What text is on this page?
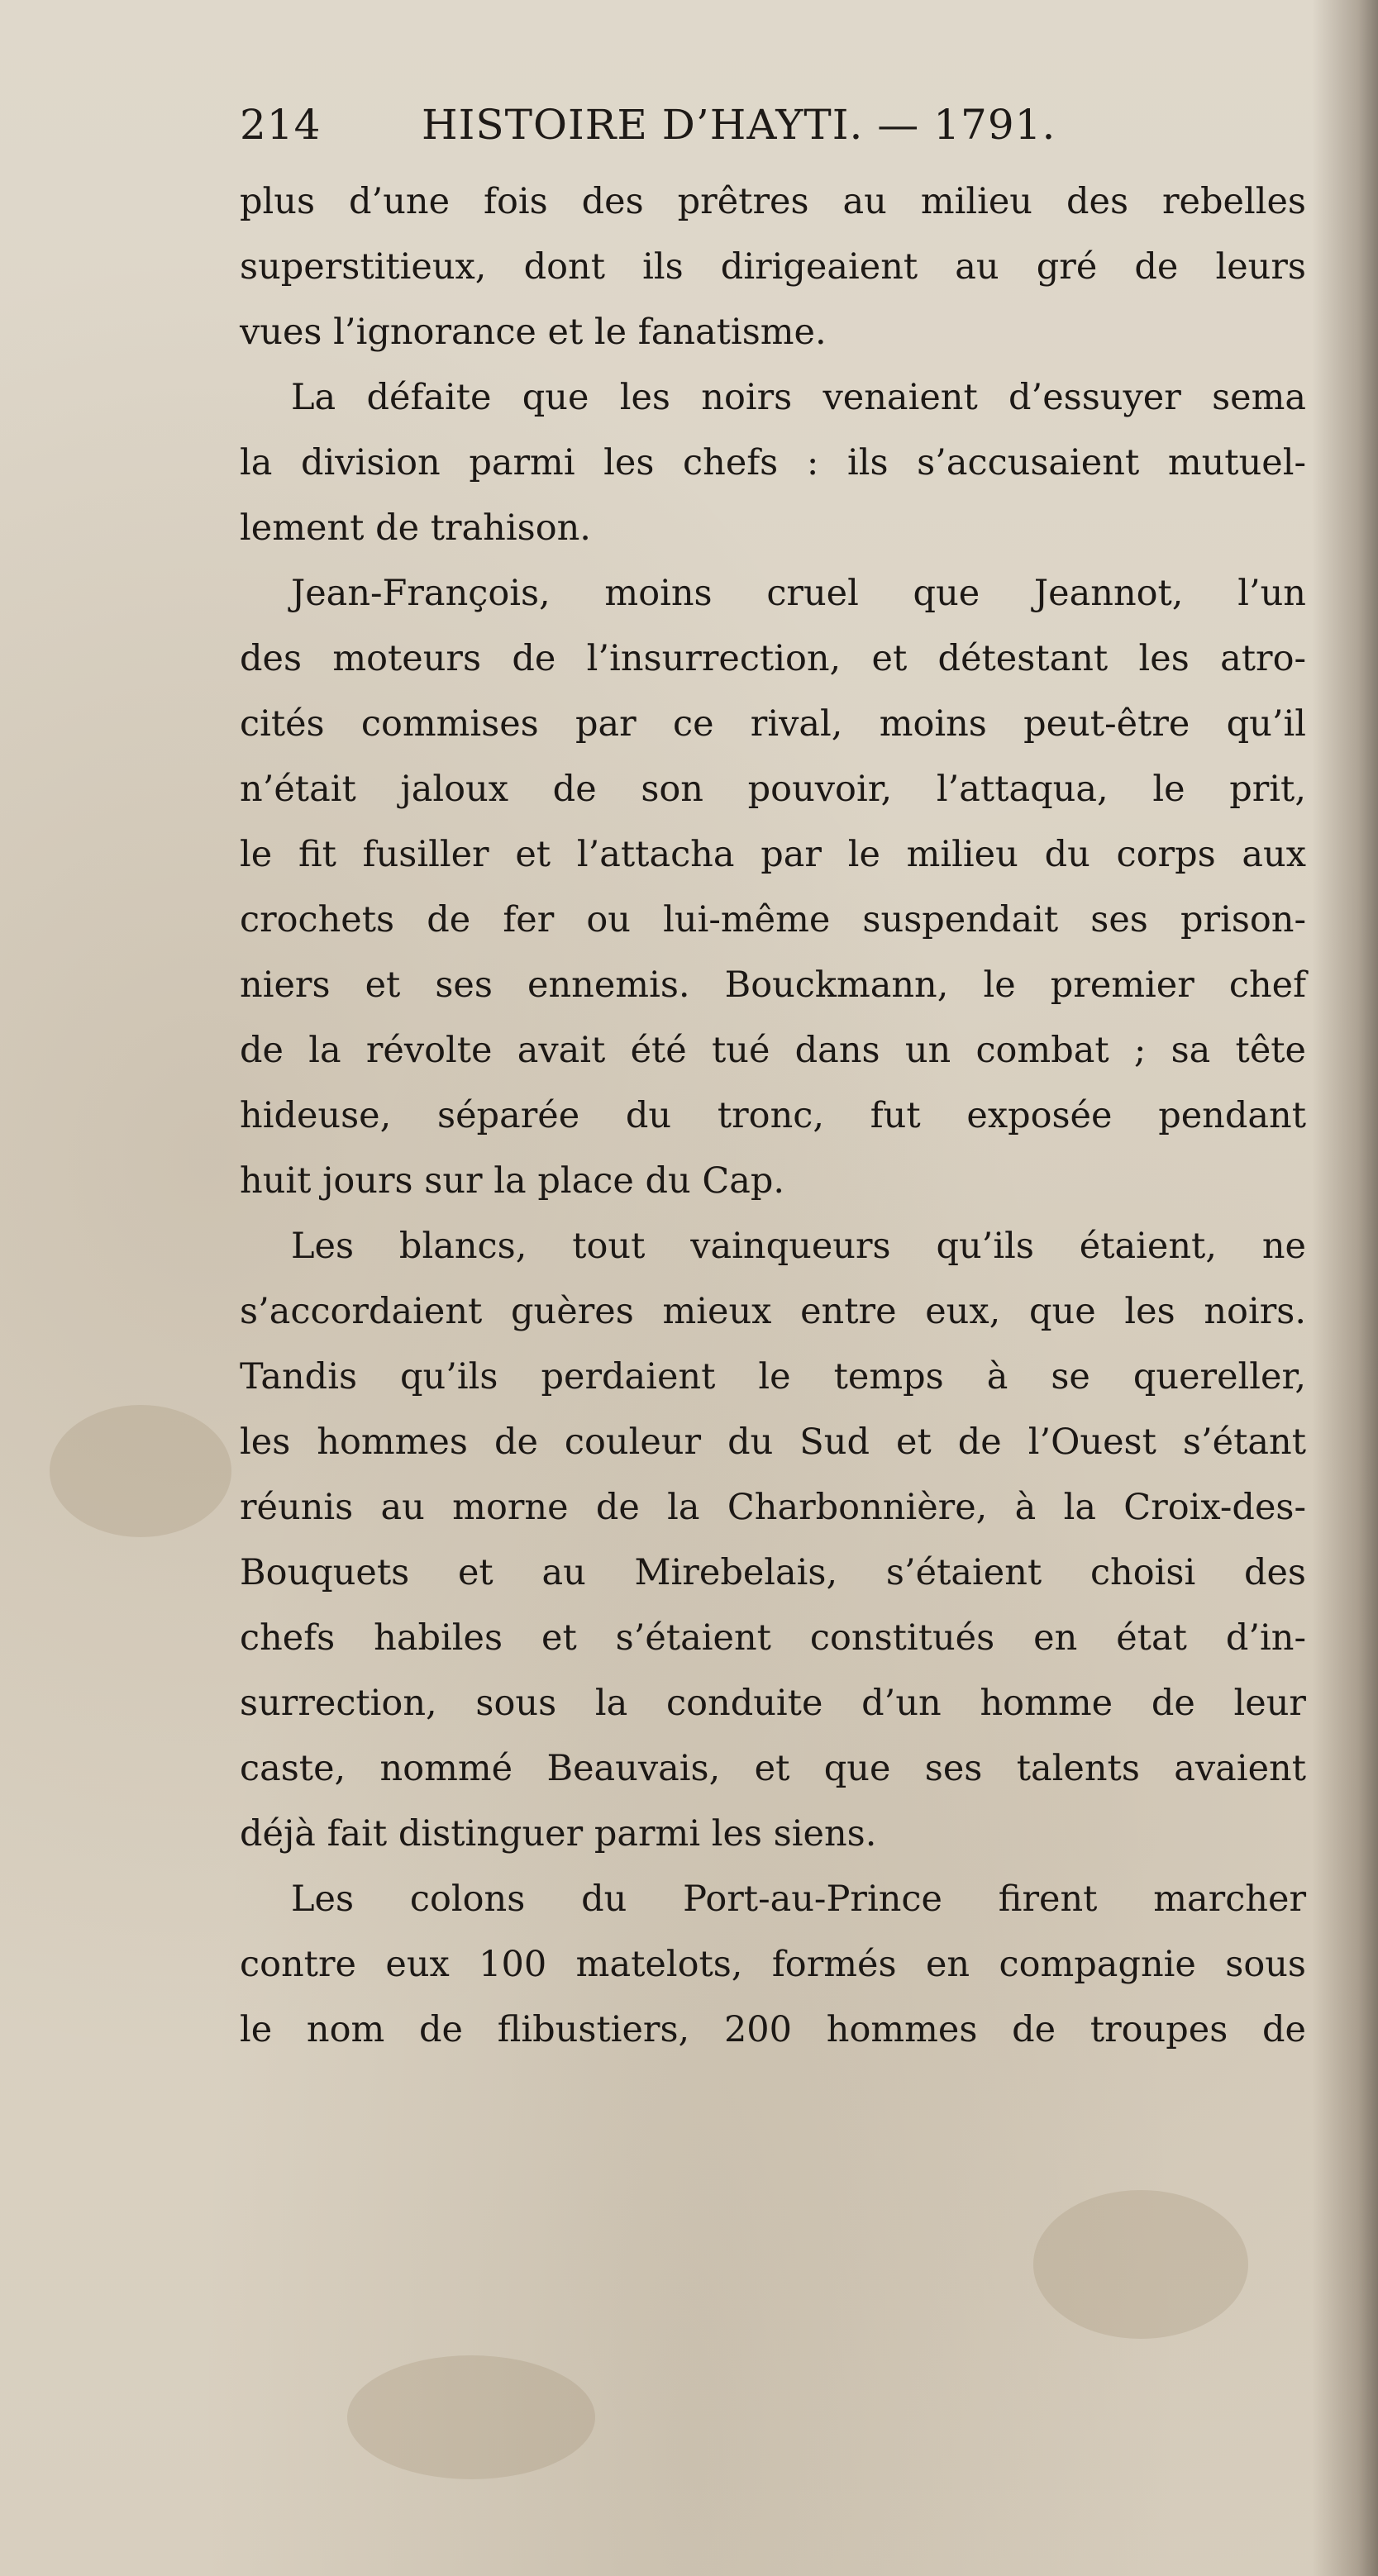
214 HISTOIRE D’HAYTI. — 1791.
plus d’une fois des prêtres au milieu des rebelles
superstitieux, dont ils dirigeaient au gré de leurs
vues l’ignorance et le fanatisme.
La défaite que les noirs venaient d’essuyer sema
la division parmi les chefs : ils s’accusaient mutuel-
lement de trahison.
Jean-François, moins cruel que Jeannot, l’un
des moteurs de l’insurrection, et détestant les atro-
cités commises par ce rival, moins peut-être qu’il
n’était jaloux de son pouvoir, l’attaqua, le prit,
le fit fusiller et l’attacha par le milieu du corps aux
crochets de fer ou lui-même suspendait ses prison-
niers et ses ennemis. Bouckmann, le premier chef
de la révolte avait été tué dans un combat ; sa tête
hideuse, séparée du tronc, fut exposée pendant
huit jours sur la place du Cap.
Les blancs, tout vainqueurs qu’ils étaient, ne
s’accordaient guères mieux entre eux, que les noirs.
Tandis qu’ils perdaient le temps à se quereller,
les hommes de couleur du Sud et de l’Ouest s’étant
réunis au morne de la Charbonnière, à la Croix-des-
Bouquets et au Mirebelais, s’étaient choisi des
chefs habiles et s’étaient constitués en état d’in-
surrection, sous la conduite d’un homme de leur
caste, nommé Beauvais, et que ses talents avaient
déjà fait distinguer parmi les siens.
Les colons du Port-au-Prince firent marcher
contre eux 100 matelots, formés en compagnie sous
le nom de flibustiers, 200 hommes de troupes de
